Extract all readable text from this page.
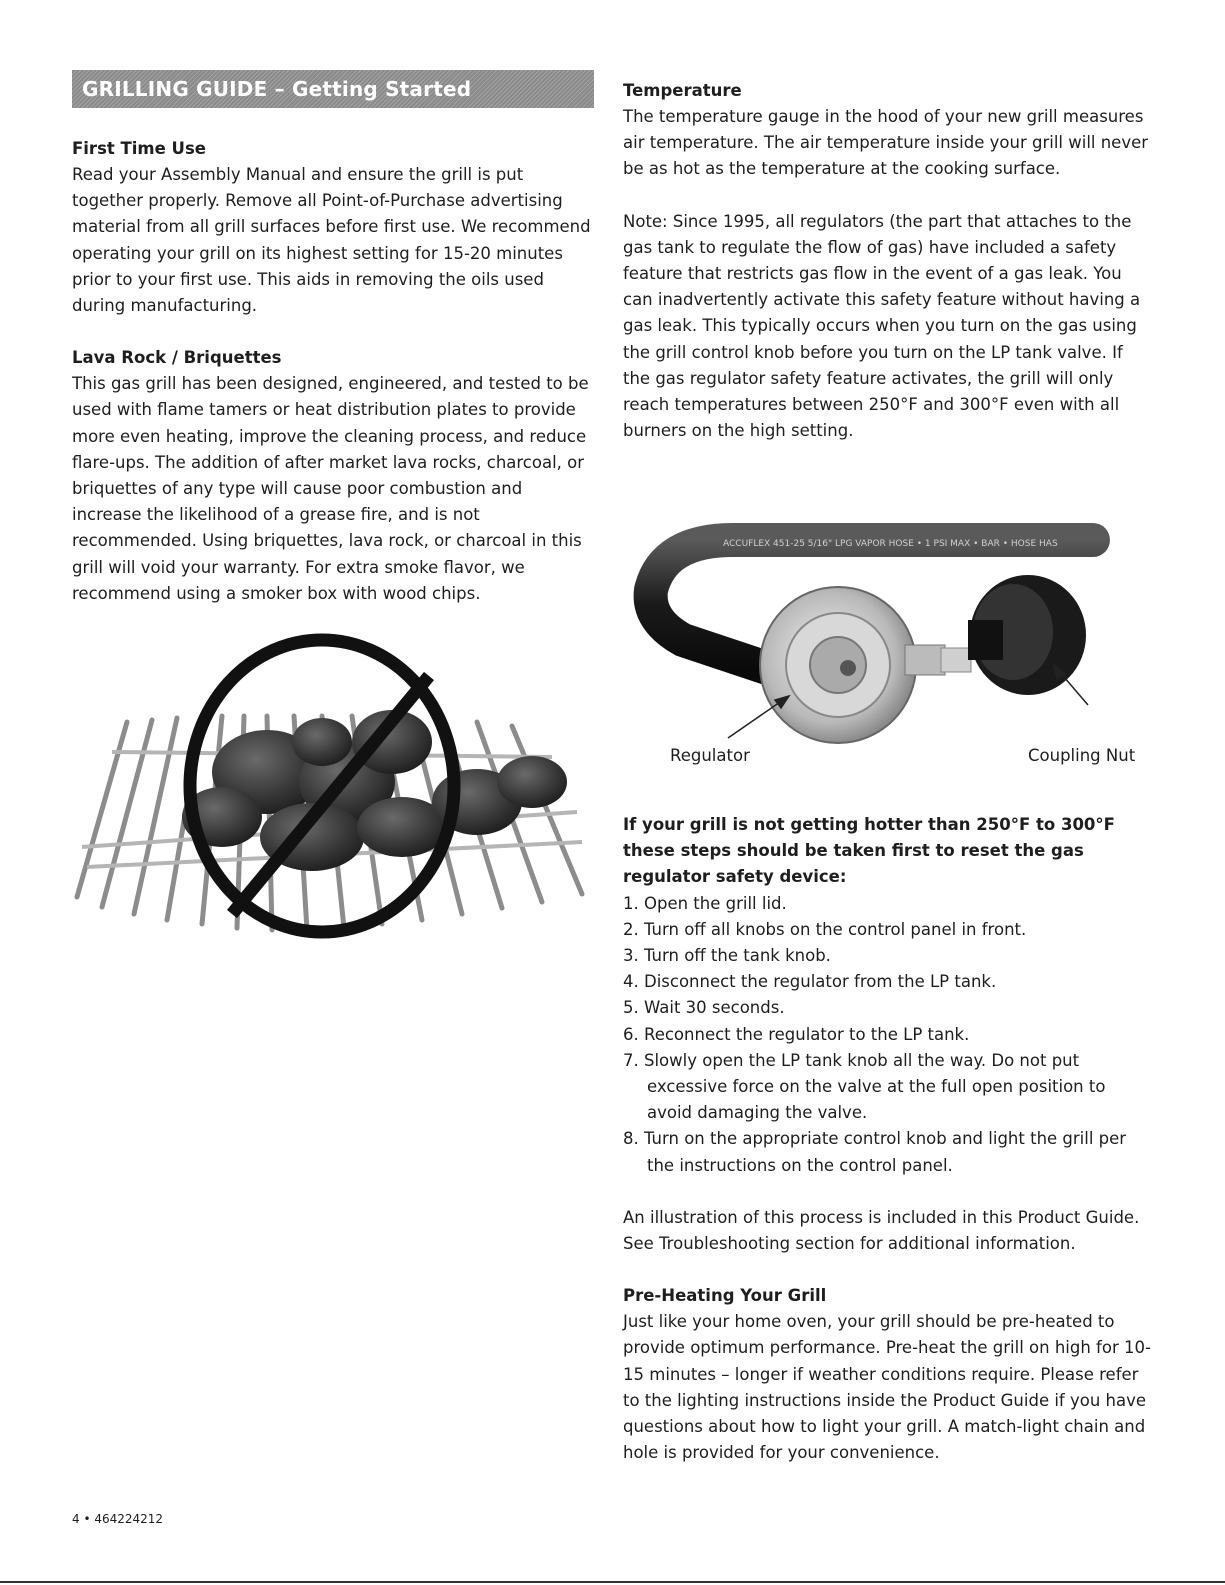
GRILLING GUIDE – Getting Started

First Time Use

Read your Assembly Manual and ensure the grill is put together properly. Remove all Point-of-Purchase advertising material from all grill surfaces before first use. We recommend operating your grill on its highest setting for 15-20 minutes prior to your first use. This aids in removing the oils used during manufacturing.

Lava Rock / Briquettes

This gas grill has been designed, engineered, and tested to be used with flame tamers or heat distribution plates to provide more even heating, improve the cleaning process, and reduce flare-ups. The addition of after market lava rocks, charcoal, or briquettes of any type will cause poor combustion and increase the likelihood of a grease fire, and is not recommended. Using briquettes, lava rock, or charcoal in this grill will void your warranty. For extra smoke flavor, we recommend using a smoker box with wood chips.

Temperature

The temperature gauge in the hood of your new grill measures air temperature. The air temperature inside your grill will never be as hot as the temperature at the cooking surface.

Note: Since 1995, all regulators (the part that attaches to the gas tank to regulate the flow of gas) have included a safety feature that restricts gas flow in the event of a gas leak. You can inadvertently activate this safety feature without having a gas leak. This typically occurs when you turn on the gas using the grill control knob before you turn on the LP tank valve. If the gas regulator safety feature activates, the grill will only reach temperatures between 250°F and 300°F even with all burners on the high setting.

ACCUFLEX 451-25 5/16" LPG VAPOR HOSE • 1 PSI MAX • BAR • HOSE HAS
Regulator	Coupling Nut

If your grill is not getting hotter than 250°F to 300°F these steps should be taken first to reset the gas regulator safety device:

1. Open the grill lid.
2. Turn off all knobs on the control panel in front.
3. Turn off the tank knob.
4. Disconnect the regulator from the LP tank.
5. Wait 30 seconds.
6. Reconnect the regulator to the LP tank.
7. Slowly open the LP tank knob all the way. Do not put excessive force on the valve at the full open position to avoid damaging the valve.
8. Turn on the appropriate control knob and light the grill per the instructions on the control panel.

An illustration of this process is included in this Product Guide. See Troubleshooting section for additional information.

Pre-Heating Your Grill

Just like your home oven, your grill should be pre-heated to provide optimum performance. Pre-heat the grill on high for 10-15 minutes – longer if weather conditions require. Please refer to the lighting instructions inside the Product Guide if you have questions about how to light your grill. A match-light chain and hole is provided for your convenience.

4 • 464224212
